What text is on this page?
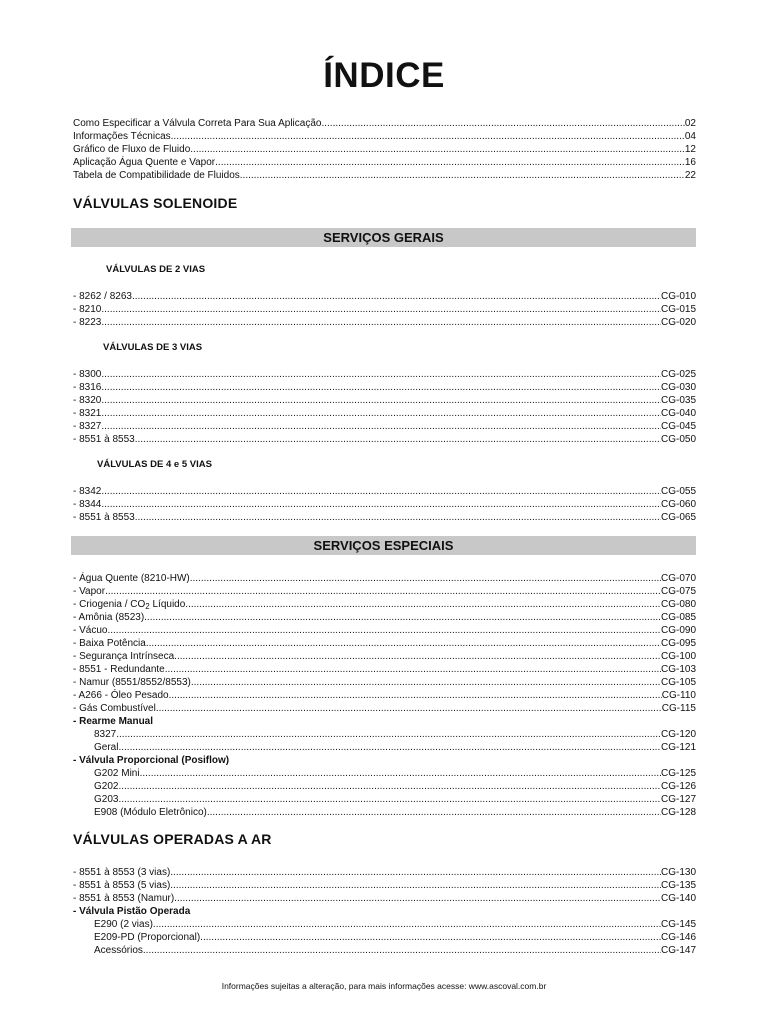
ÍNDICE
Como Especificar a Válvula Correta Para Sua Aplicação .....	02
Informações Técnicas .....	04
Gráfico de Fluxo de Fluido .....	12
Aplicação Água Quente e Vapor .....	16
Tabela de Compatibilidade de Fluidos .....	22
VÁLVULAS SOLENOIDE
SERVIÇOS GERAIS
VÁLVULAS DE 2 VIAS
- 8262 / 8263 .....	CG-010
- 8210 .....	CG-015
- 8223 .....	CG-020
VÁLVULAS DE 3 VIAS
- 8300 .....	CG-025
- 8316 .....	CG-030
- 8320 .....	CG-035
- 8321 .....	CG-040
- 8327 .....	CG-045
- 8551 à 8553 .....	CG-050
VÁLVULAS DE 4 e 5 VIAS
- 8342 .....	CG-055
- 8344 .....	CG-060
- 8551 à 8553 .....	CG-065
SERVIÇOS ESPECIAIS
- Água Quente (8210-HW) .....	CG-070
- Vapor .....	CG-075
- Criogenia / $CO_2$ Líquido .....	CG-080
- Amônia (8523) .....	CG-085
- Vácuo .....	CG-090
- Baixa Potência .....	CG-095
- Segurança Intrínseca .....	CG-100
- 8551 - Redundante .....	CG-103
- Namur (8551/8552/8553) .....	CG-105
- A266 - Óleo Pesado .....	CG-110
- Gás Combustível .....	CG-115
- Rearme Manual
8327 .....	CG-120
Geral .....	CG-121
- Válvula Proporcional (Posiflow)
G202 Mini .....	CG-125
G202 .....	CG-126
G203 .....	CG-127
E908 (Módulo Eletrônico) .....	CG-128
VÁLVULAS OPERADAS A AR
- 8551 à 8553 (3 vias) .....	CG-130
- 8551 à 8553 (5 vias) .....	CG-135
- 8551 à 8553 (Namur) .....	CG-140
- Válvula Pistão Operada
E290 (2 vias) .....	CG-145
E209-PD (Proporcional) .....	CG-146
Acessórios .....	CG-147
Informações sujeitas a alteração, para mais informações acesse: www.ascoval.com.br
